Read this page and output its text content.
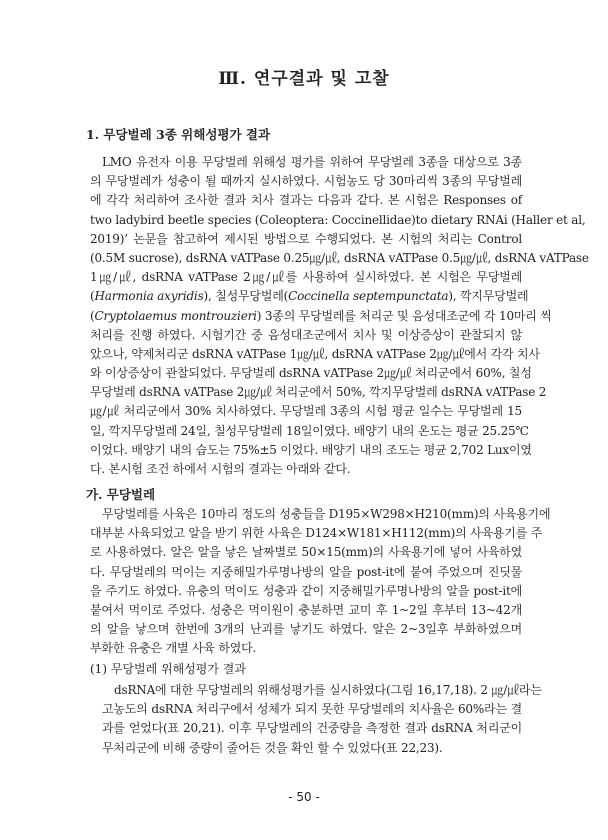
Ⅲ. 연구결과 및 고찰
1. 무당벌레 3종 위해성평가 결과
LMO 유전자 이용 무당벌레 위해성 평가를 위하여 무당벌레 3종을 대상으로 3종
의 무당벌레가 성충이 될 때까지 실시하였다. 시험농도 당 30마리씩 3종의 무당벌레
에 각각 처리하여 조사한 결과 치사 결과는 다음과 같다. 본 시험은 Responses of
two ladybird beetle species (Coleoptera: Coccinellidae)to dietary RNAi (Haller et al,
2019)’ 논문을 참고하여 제시된 방법으로 수행되었다. 본 시험의 처리는 Control
(0.5M sucrose), dsRNA vATPase 0.25㎍/㎕, dsRNA vATPase 0.5㎍/㎕, dsRNA vATPase
1㎍/㎕, dsRNA vATPase 2㎍/㎕를 사용하여 실시하였다. 본 시험은 무당벌레
(Harmonia axyridis), 칠성무당벌레(Coccinella septempunctata), 깍지무당벌레
(Cryptolaemus montrouzieri) 3종의 무당벌레를 처리군 및 음성대조군에 각 10마리 씩
처리를 진행 하였다. 시험기간 중 음성대조군에서 치사 및 이상증상이 관찰되지 않
았으나, 약제처리군 dsRNA vATPase 1㎍/㎕, dsRNA vATPase 2㎍/㎕에서 각각 치사
와 이상증상이 관찰되었다. 무당벌레 dsRNA vATPase 2㎍/㎕ 처리군에서 60%, 칠성
무당벌레 dsRNA vATPase 2㎍/㎕ 처리군에서 50%, 깍지무당벌레 dsRNA vATPase 2
㎍/㎕ 처리군에서 30% 치사하였다. 무당벌레 3종의 시험 평균 일수는 무당벌레 15
일, 깍지무당벌레 24일, 칠성무당벌레 18일이였다. 배양기 내의 온도는 평균 25.25℃
이었다. 배양기 내의 습도는 75%±5 이었다. 배양기 내의 조도는 평균 2,702 Lux이였
다. 본시험 조건 하에서 시험의 결과는 아래와 같다.
가. 무당벌레
무당벌레를 사육은 10마리 정도의 성충들을 D195×W298×H210(mm)의 사육용기에
대부분 사육되었고 알을 받기 위한 사육은 D124×W181×H112(mm)의 사육용기를 주
로 사용하였다. 알은 알을 낳은 날짜별로 50×15(mm)의 사육용기에 넣어 사육하였
다. 무당벌레의 먹이는 지중해밀가루명나방의 알을 post-it에 붙여 주었으며 진딧물
을 주기도 하였다. 유충의 먹이도 성충과 같이 지중해밀가루명나방의 알을 post-it에
붙여서 먹이로 주었다. 성충은 먹이원이 충분하면 교미 후 1~2일 후부터 13~42개
의 알을 낳으며 한번에 3개의 난괴를 낳기도 하였다. 알은 2~3일후 부화하였으며
부화한 유충은 개별 사육 하였다.
(1) 무당벌레 위해성평가 결과
dsRNA에 대한 무당벌레의 위해성평가를 실시하였다(그림 16,17,18). 2 ㎍/㎕라는
고농도의 dsRNA 처리구에서 성체가 되지 못한 무당벌레의 치사율은 60%라는 결
과를 얻었다(표 20,21). 이후 무당벌레의 건중량을 측정한 결과 dsRNA 처리군이
무처리군에 비해 중량이 줄어든 것을 확인 할 수 있었다(표 22,23).
- 50 -
